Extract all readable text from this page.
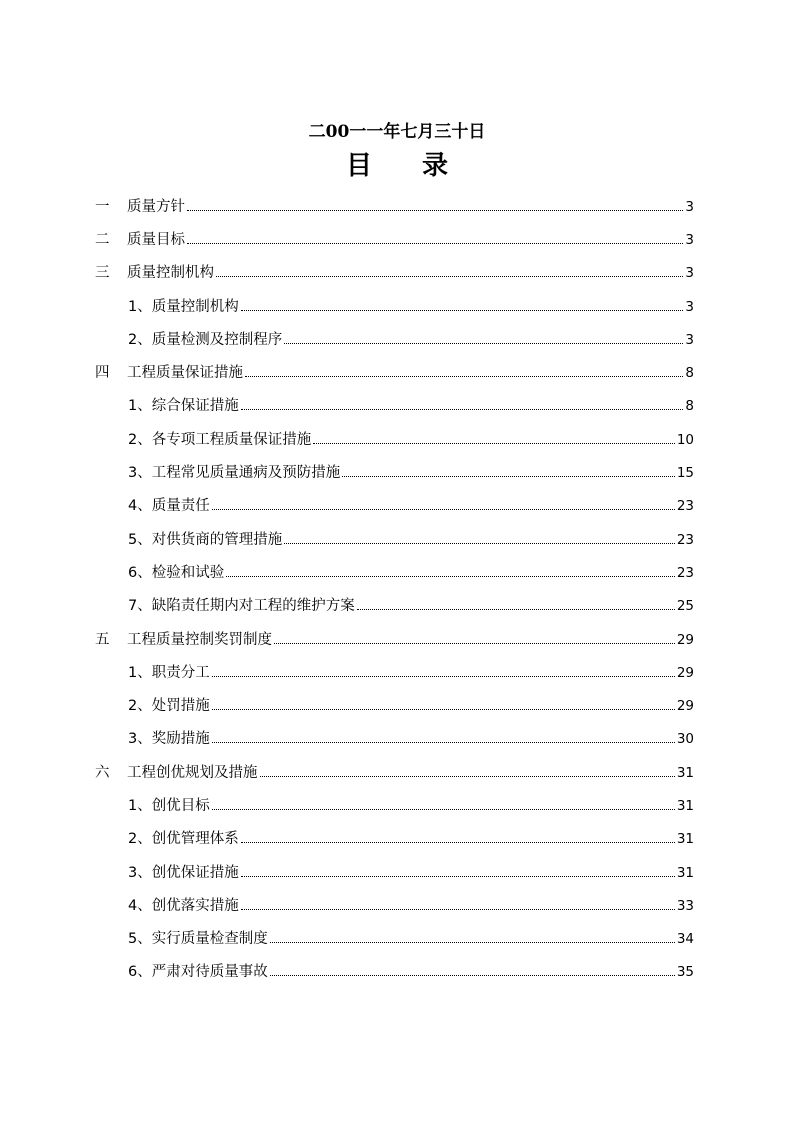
二00一一年七月三十日
目 录
一	质量方针	3
二	质量目标	3
三	质量控制机构	3
1、 质量控制机构	3
2、 质量检测及控制程序	3
四	工程质量保证措施	8
1、 综合保证措施	8
2、 各专项工程质量保证措施	10
3、 工程常见质量通病及预防措施	15
4、 质量责任	23
5、 对供货商的管理措施	23
6、 检验和试验	23
7、 缺陷责任期内对工程的维护方案	25
五	工程质量控制奖罚制度	29
1、 职责分工	29
2、 处罚措施	29
3、 奖励措施	30
六	工程创优规划及措施	31
1、 创优目标	31
2、 创优管理体系	31
3、 创优保证措施	31
4、 创优落实措施	33
5、 实行质量检查制度	34
6、 严肃对待质量事故	35
